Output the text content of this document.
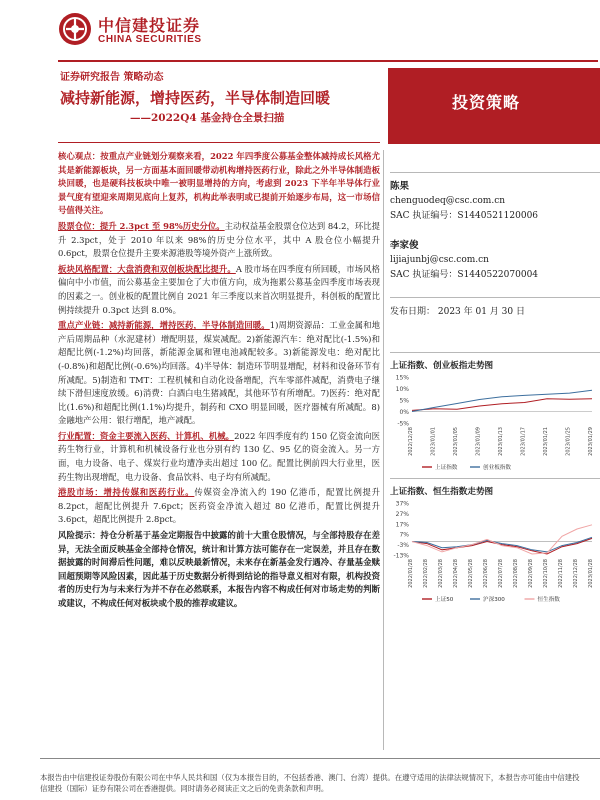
中信建投证券
CHINA SECURITIES
证券研究报告 策略动态
减持新能源，增持医药，半导体制造回暖
——2022Q4 基金持仓全景扫描
投资策略

核心观点：按重点产业链划分观察来看，2022 年四季度公募基金整体减持成长风格尤其是新能源板块，另一方面基本面回暖带动机构增持医药行业，除此之外半导体制造板块回暖，也是硬科技板块中唯一被明显增持的方向，考虑到 2023 下半年半导体行业景气度有望迎来周期见底向上复苏，机构此举表明或已提前开始逐步布局，这一市场信号值得关注。

股票仓位：提升 2.3pct 至 98%历史分位。主动权益基金股票仓位达到 84.2，环比提升 2.3pct，处于 2010 年以来 98%的历史分位水平，其中 A 股仓位小幅提升 0.6pct，股票仓位提升主要来源港股等境外资产上涨所致。

板块风格配置：大盘消费和双创板块配比提升。A 股市场在四季度有所回暖，市场风格偏向中小市值，而公募基金主要加仓了大市值方向，成为拖累公募基金四季度市场表现的因素之一。创业板的配置比例自 2021 年三季度以来首次明显提升，科创板的配置比例持续提升 0.3pct 达到 8.0%。

重点产业链：减持新能源，增持医药，半导体制造回暖。1)周期资源品：工业金属和地产后周期品种（水泥建材）增配明显，煤炭减配。2)新能源汽车：绝对配比(-1.5%)和超配比例(-1.2%)均回落，新能源金属和锂电池减配较多。3)新能源发电：绝对配比(-0.8%)和超配比例(-0.6%)均回落。4)半导体：制造环节明显增配，材料和设备环节有所减配。5)制造和 TMT：工程机械和自动化设备增配，汽车零部件减配，消费电子继续下滑但速度放缓。6)消费：白酒白电生猪减配，其他环节有所增配。7)医药：绝对配比(1.6%)和超配比例(1.1%)均提升，制药和 CXO 明显回暖，医疗器械有所减配。8)金融地产公用：银行增配，地产减配。

行业配置：资金主要流入医药、计算机、机械。2022 年四季度有约 150 亿资金流向医药生物行业，计算机和机械设备行业也分别有约 130 亿、95 亿的资金流入。另一方面，电力设备、电子、煤炭行业均遭净卖出超过 100 亿。配置比例前四大行业里，医药生物出现增配，电力设备、食品饮料、电子均有所减配。

港股市场：增持传媒和医药行业。传媒资金净流入约 190 亿港币，配置比例提升 8.2pct，超配比例提升 7.6pct；医药资金净流入超过 80 亿港币，配置比例提升 3.6pct，超配比例提升 2.8pct。

风险提示：持仓分析基于基金定期报告中披露的前十大重仓股情况，与全部持股存在差异，无法全面反映基金全部持仓情况，统计和计算方法可能存在一定误差，并且存在数据披露的时间滞后性问题，难以反映最新情况，未来存在新基金发行遇冷、存量基金赎回超预期等风险因素，因此基于历史数据分析得到结论的指导意义相对有限，机构投资者的历史行为与未来行为并不存在必然联系，本报告内容不构成任何对市场走势的判断或建议，不构成任何对板块或个股的推荐或建议。

陈果
chenguodeq@csc.com.cn
SAC 执证编号：S1440521120006
李家俊
lijiajunbj@csc.com.cn
SAC 执证编号：S1440522070004
发布日期： 2023 年 01 月 30 日
上证指数、创业板指走势图
15%
10%
5%
0%
-5%
2022/12/28	2023/01/01	2023/01/05	2023/01/09	2023/01/13	2023/01/17	2023/01/21	2023/01/25	2023/01/29
上证指数	创业板指数
上证指数、恒生指数走势图
37%
27%
17%
7%
-3%
-13%
2022/01/28 2022/02/28 2022/03/28 2022/04/28 2022/05/28 2022/06/28 2022/07/28 2022/08/28 2022/09/28 2022/10/28 2022/11/28 2022/12/28 2023/01/28
上证50	沪深300	恒生指数
本报告由中信建投证券股份有限公司在中华人民共和国（仅为本报告目的，不包括香港、澳门、台湾）提供。在遵守适用的法律法规情况下，本报告亦可能由中信建投
信建投（国际）证券有限公司在香港提供。同时请务必阅读正文之后的免责条款和声明。
